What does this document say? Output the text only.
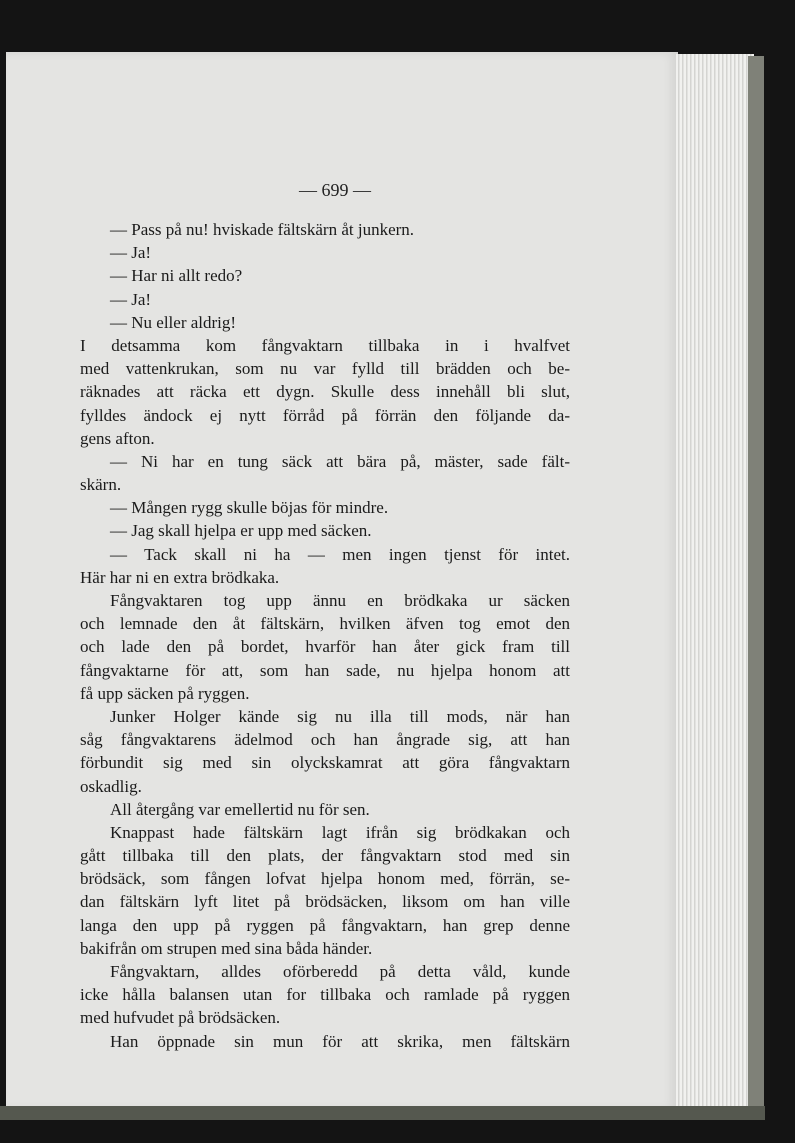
— 699 —
— Pass på nu! hviskade fältskärn åt junkern.
— Ja!
— Har ni allt redo?
— Ja!
— Nu eller aldrig!
I detsamma kom fångvaktarn tillbaka in i hvalfvet
med vattenkrukan, som nu var fylld till brädden och be-
räknades att räcka ett dygn. Skulle dess innehåll bli slut,
fylldes ändock ej nytt förråd på förrän den följande da-
gens afton.
— Ni har en tung säck att bära på, mäster, sade fält-
skärn.
— Mången rygg skulle böjas för mindre.
— Jag skall hjelpa er upp med säcken.
— Tack skall ni ha — men ingen tjenst för intet.
Här har ni en extra brödkaka.
Fångvaktaren tog upp ännu en brödkaka ur säcken
och lemnade den åt fältskärn, hvilken äfven tog emot den
och lade den på bordet, hvarför han åter gick fram till
fångvaktarne för att, som han sade, nu hjelpa honom att
få upp säcken på ryggen.
Junker Holger kände sig nu illa till mods, när han
såg fångvaktarens ädelmod och han ångrade sig, att han
förbundit sig med sin olyckskamrat att göra fångvaktarn
oskadlig.
All återgång var emellertid nu för sen.
Knappast hade fältskärn lagt ifrån sig brödkakan och
gått tillbaka till den plats, der fångvaktarn stod med sin
brödsäck, som fången lofvat hjelpa honom med, förrän, se-
dan fältskärn lyft litet på brödsäcken, liksom om han ville
langa den upp på ryggen på fångvaktarn, han grep denne
bakifrån om strupen med sina båda händer.
Fångvaktarn, alldes oförberedd på detta våld, kunde
icke hålla balansen utan for tillbaka och ramlade på ryggen
med hufvudet på brödsäcken.
Han öppnade sin mun för att skrika, men fältskärn
